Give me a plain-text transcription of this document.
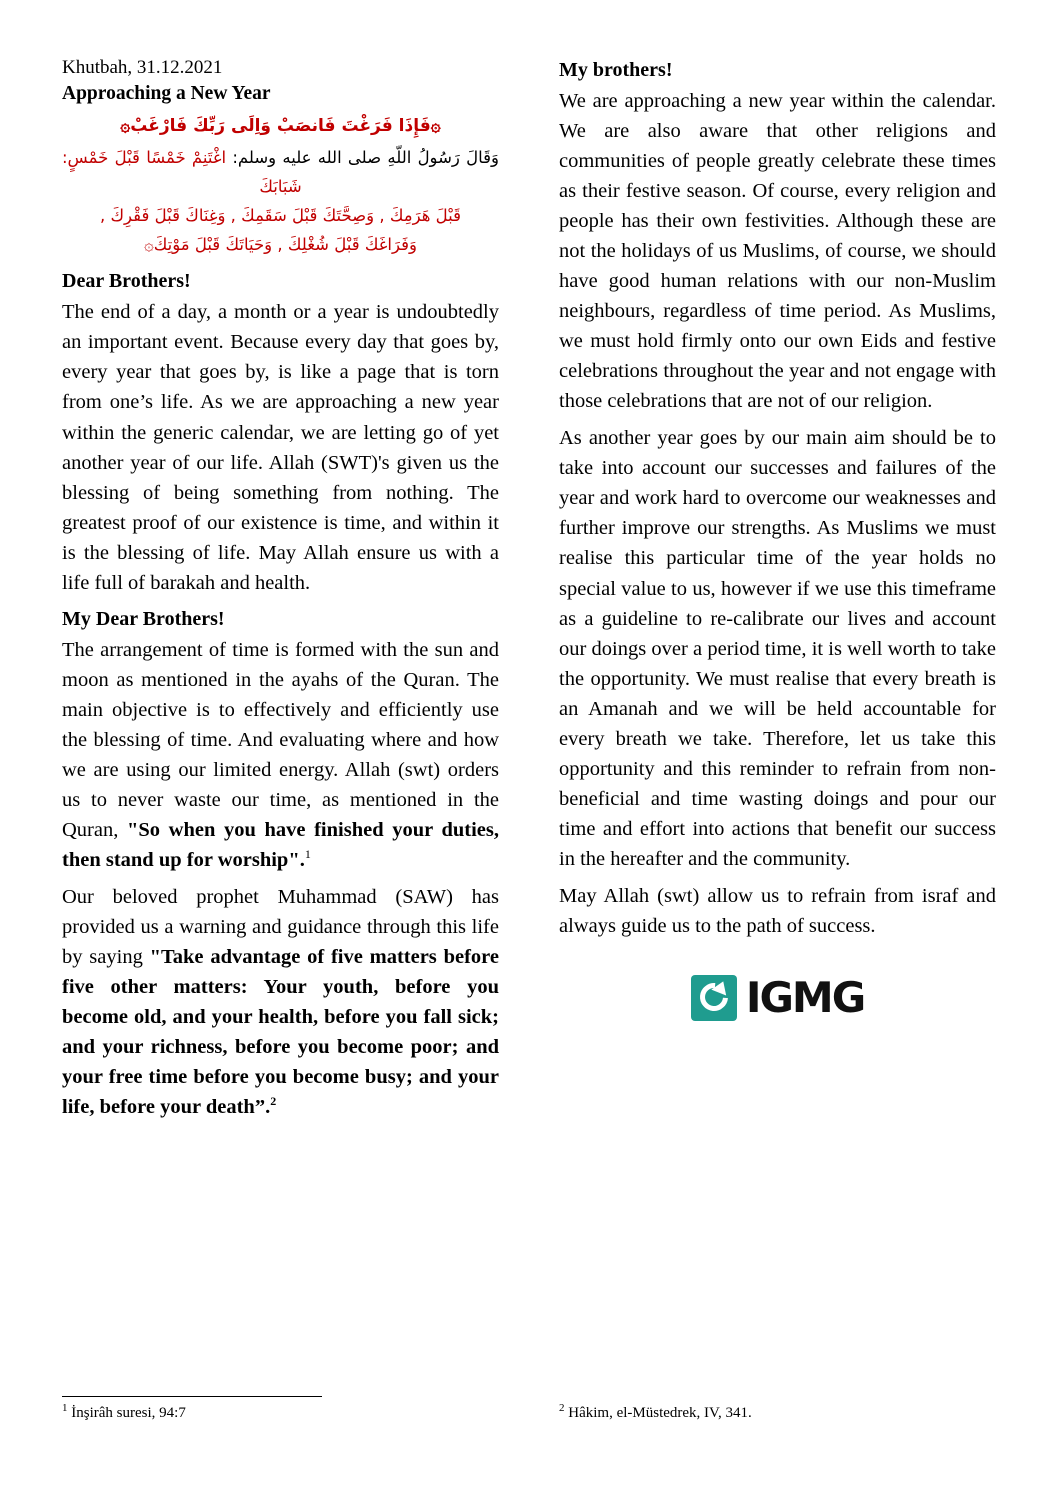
Khutbah, 31.12.2021
Approaching a New Year
۞فَإِذَا فَرَغْتَ فَانصَبْ وَاِلَى رَبِّكَ فَارْغَبْ۞
وَقَالَ رَسُولُ اللّهِ صلى الله عليه وسلم: اغْتَنِمْ خَمْسًا قَبْلَ خَمْسٍ: شَبَابَكَ
قَبْلَ هَرَمِكَ , وَصِحَّتَكَ قَبْلَ سَقَمِكَ , وَغِنَاكَ قَبْلَ فَقْرِكَ ,
وَفَرَاغَكَ قَبْلَ شُغْلِكَ , وَحَيَاتَكَ قَبْلَ مَوْتِكَ۞
Dear Brothers!

The end of a day, a month or a year is undoubtedly an important event. Because every day that goes by, every year that goes by, is like a page that is torn from one’s life. As we are approaching a new year within the generic calendar, we are letting go of yet another year of our life. Allah (SWT)'s given us the blessing of being something from nothing. The greatest proof of our existence is time, and within it is the blessing of life. May Allah ensure us with a life full of barakah and health.

My Dear Brothers!

The arrangement of time is formed with the sun and moon as mentioned in the ayahs of the Quran. The main objective is to effectively and efficiently use the blessing of time. And evaluating where and how we are using our limited energy. Allah (swt) orders us to never waste our time, as mentioned in the Quran, "So when you have finished your duties, then stand up for worship".$^1$

Our beloved prophet Muhammad (SAW) has provided us a warning and guidance through this life by saying "Take advantage of five matters before five other matters: Your youth, before you become old, and your health, before you fall sick; and your richness, before you become poor; and your free time before you become busy; and your life, before your death”.$^2$

My brothers!

We are approaching a new year within the calendar. We are also aware that other religions and communities of people greatly celebrate these times as their festive season. Of course, every religion and people has their own festivities. Although these are not the holidays of us Muslims, of course, we should have good human relations with our non-Muslim neighbours, regardless of time period. As Muslims, we must hold firmly onto our own Eids and festive celebrations throughout the year and not engage with those celebrations that are not of our religion.

As another year goes by our main aim should be to take into account our successes and failures of the year and work hard to overcome our weaknesses and further improve our strengths. As Muslims we must realise this particular time of the year holds no special value to us, however if we use this timeframe as a guideline to re-calibrate our lives and account our doings over a period time, it is well worth to take the opportunity. We must realise that every breath is an Amanah and we will be held accountable for every breath we take. Therefore, let us take this opportunity and this reminder to refrain from non-beneficial and time wasting doings and pour our time and effort into actions that benefit our success in the hereafter and the community.

May Allah (swt) allow us to refrain from israf and always guide us to the path of success.

IGMG
$^1$ İnşirâh suresi, 94:7	$^2$ Hâkim, el-Müstedrek, IV, 341.
